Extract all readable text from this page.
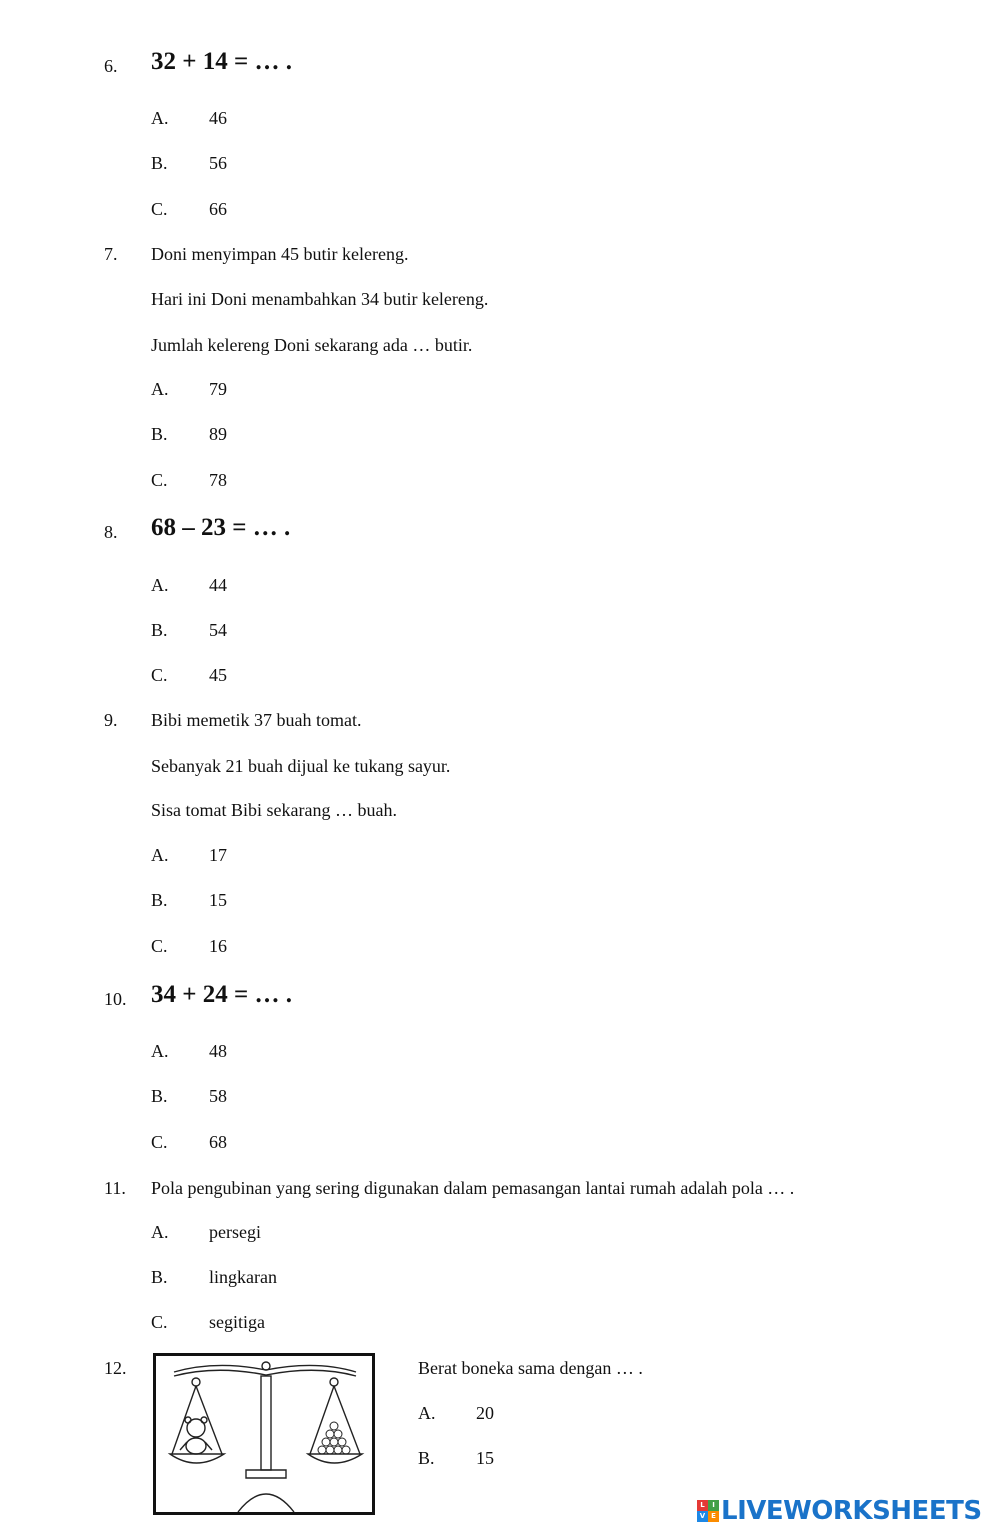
6. 32 + 14 = … .
A. 46
B. 56
C. 66
7. Doni menyimpan 45 butir kelereng.
Hari ini Doni menambahkan 34 butir kelereng.
Jumlah kelereng Doni sekarang ada … butir.
A. 79
B. 89
C. 78
8. 68 – 23 = … .
A. 44
B. 54
C. 45
9. Bibi memetik 37 buah tomat.
Sebanyak 21 buah dijual ke tukang sayur.
Sisa tomat Bibi sekarang … buah.
A. 17
B. 15
C. 16
10. 34 + 24 = … .
A. 48
B. 58
C. 68
11. Pola pengubinan yang sering digunakan dalam pemasangan lantai rumah adalah pola … .
A. persegi
B. lingkaran
C. segitiga
12.	Berat boneka sama dengan … .
A. 20
B. 15
L	I
V E LIVEWORKSHEETS
